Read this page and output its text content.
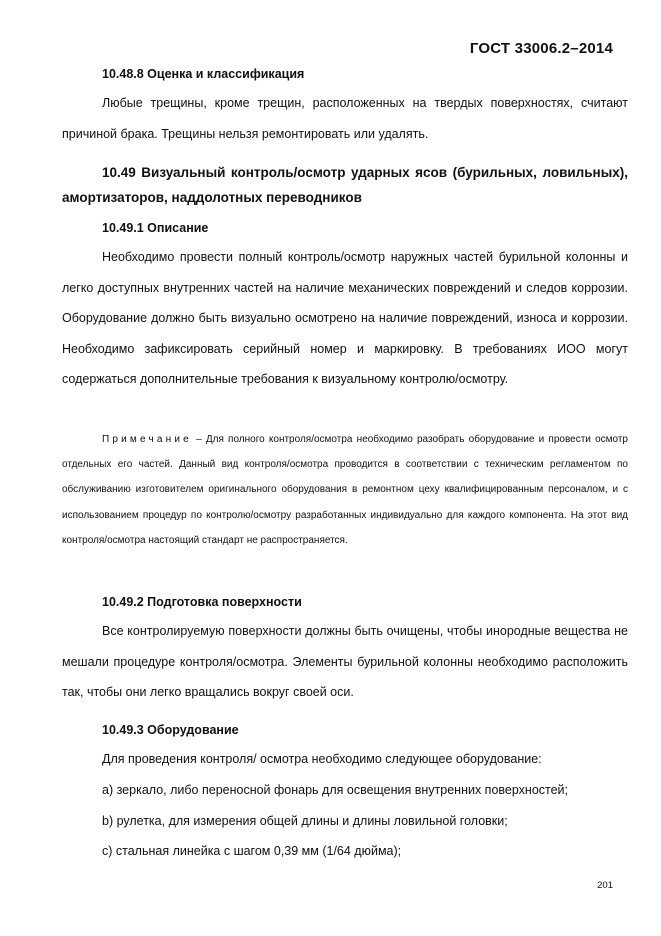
ГОСТ 33006.2–2014
10.48.8 Оценка и классификация

Любые трещины, кроме трещин, расположенных на твердых поверхностях, считают причиной брака. Трещины нельзя ремонтировать или удалять.

10.49 Визуальный контроль/осмотр ударных ясов (бурильных, ловильных), амортизаторов, наддолотных переводников

10.49.1 Описание

Необходимо провести полный контроль/осмотр наружных частей бурильной колонны и легко доступных внутренних частей на наличие механических повреждений и следов коррозии. Оборудование должно быть визуально осмотрено на наличие повреждений, износа и коррозии. Необходимо зафиксировать серийный номер и маркировку. В требованиях ИОО могут содержаться дополнительные требования к визуальному контролю/осмотру.

Примечание – Для полного контроля/осмотра необходимо разобрать оборудование и провести осмотр отдельных его частей. Данный вид контроля/осмотра проводится в соответствии с техническим регламентом по обслуживанию изготовителем оригинального оборудования в ремонтном цеху квалифицированным персоналом, и с использованием процедур по контролю/осмотру разработанных индивидуально для каждого компонента. На этот вид контроля/осмотра настоящий стандарт не распространяется.

10.49.2 Подготовка поверхности

Все контролируемую поверхности должны быть очищены, чтобы инородные вещества не мешали процедуре контроля/осмотра. Элементы бурильной колонны необходимо расположить так, чтобы они легко вращались вокруг своей оси.

10.49.3 Оборудование

Для проведения контроля/ осмотра необходимо следующее оборудование:

a) зеркало, либо переносной фонарь для освещения внутренних поверхностей;

b) рулетка, для измерения общей длины и длины ловильной головки;

c) стальная линейка с шагом 0,39 мм (1/64 дюйма);

201
